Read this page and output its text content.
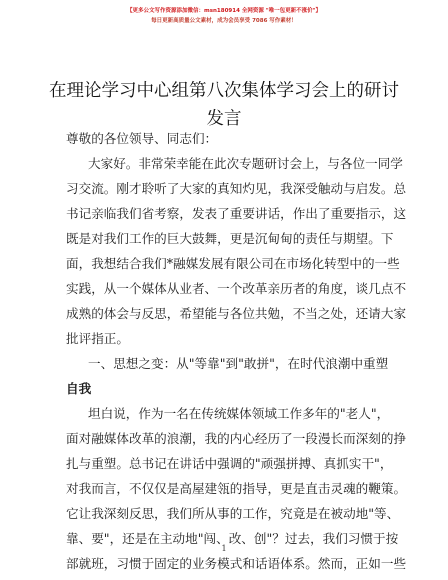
【更多公文写作资源添加微信：msn180914 全网资源 "唯一包更新不涨价"】
每日更新高质量公文素材，成为会员享受 7086 写作素材！
在理论学习中心组第八次集体学习会上的研讨
发言
尊敬的各位领导、同志们：
大家好。非常荣幸能在此次专题研讨会上，与各位一同学
习交流。刚才聆听了大家的真知灼见，我深受触动与启发。总
书记亲临我们省考察，发表了重要讲话，作出了重要指示，这
既是对我们工作的巨大鼓舞，更是沉甸甸的责任与期望。下
面，我想结合我们*融媒发展有限公司在市场化转型中的一些
实践，从一个媒体从业者、一个改革亲历者的角度，谈几点不
成熟的体会与反思，希望能与各位共勉，不当之处，还请大家
批评指正。
一、思想之变：从"等靠"到"敢拼"，在时代浪潮中重塑
自我
坦白说，作为一名在传统媒体领域工作多年的"老人"，
面对融媒体改革的浪潮，我的内心经历了一段漫长而深刻的挣
扎与重塑。总书记在讲话中强调的"顽强拼搏、真抓实干"，
对我而言，不仅仅是高屋建瓴的指导，更是直击灵魂的鞭策。
它让我深刻反思，我们所从事的工作，究竟是在被动地"等、
靠、要"，还是在主动地"闯、改、创"？过去，我们习惯于按
部就班，习惯于固定的业务模式和话语体系。然而，正如一些
1
